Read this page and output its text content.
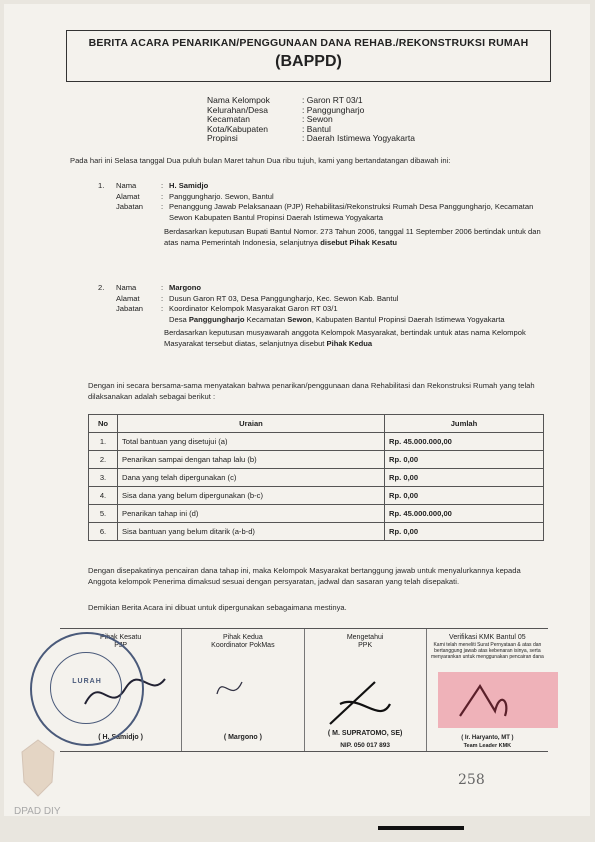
BERITA ACARA PENARIKAN/PENGGUNAAN DANA REHAB./REKONSTRUKSI RUMAH
(BAPPD)
Nama Kelompok	: Garon RT 03/1
Kelurahan/Desa	: Panggungharjo
Kecamatan	: Sewon
Kota/Kabupaten	: Bantul
Propinsi	: Daerah Istimewa Yogyakarta
Pada hari ini Selasa tanggal Dua puluh bulan Maret tahun Dua ribu tujuh, kami yang bertandatangan dibawah ini:
1.	Nama	: H. Samidjo
Alamat	: Panggungharjo. Sewon, Bantul
Jabatan	: Penanggung Jawab Pelaksanaan (PJP) Rehabilitasi/Rekonstruksi Rumah Desa Panggungharjo, Kecamatan Sewon Kabupaten Bantul Propinsi Daerah Istimewa Yogyakarta
Berdasarkan keputusan Bupati Bantul Nomor. 273 Tahun 2006, tanggal 11 September 2006 bertindak untuk dan atas nama Pemerintah Indonesia, selanjutnya disebut Pihak Kesatu
2.	Nama	: Margono
Alamat	: Dusun Garon RT 03, Desa Panggungharjo, Kec. Sewon Kab. Bantul
Jabatan	: Koordinator Kelompok Masyarakat Garon RT 03/1
Desa Panggungharjo Kecamatan Sewon, Kabupaten Bantul Propinsi Daerah Istimewa Yogyakarta
Berdasarkan keputusan musyawarah anggota Kelompok Masyarakat, bertindak untuk atas nama Kelompok Masyarakat tersebut diatas, selanjutnya disebut Pihak Kedua
Dengan ini secara bersama-sama menyatakan bahwa penarikan/penggunaan dana Rehabilitasi dan Rekonstruksi Rumah yang telah dilaksanakan adalah sebagai berikut :
No	Uraian	Jumlah
1.	Total bantuan yang disetujui (a)	Rp. 45.000.000,00
2.	Penarikan sampai dengan tahap lalu (b)	Rp. 0,00
3.	Dana yang telah dipergunakan (c)	Rp. 0,00
4.	Sisa dana yang belum dipergunakan (b-c)	Rp. 0,00
5.	Penarikan tahap ini (d)	Rp. 45.000.000,00
6.	Sisa bantuan yang belum ditarik (a-b-d)	Rp. 0,00
Dengan disepakatinya pencairan dana tahap ini, maka Kelompok Masyarakat bertanggung jawab untuk menyalurkannya kepada Anggota kelompok Penerima dimaksud sesuai dengan persyaratan, jadwal dan sasaran yang telah disepakati.
Demikian Berita Acara ini dibuat untuk dipergunakan sebagaimana mestinya.
Pihak Kesatu
PJP
( H. Samidjo )
Pihak Kedua
Koordinator PokMas
( Margono )
Mengetahui
PPK
( M. SUPRATOMO, SE)
NIP. 050 017 893
Verifikasi KMK Bantul 05
Kami telah meneliti Surat Pernyataan & atas dan bertanggung jawab atas kebenaran isinya, serta menyarankan untuk menggunakan pencairan dana
( Ir. Haryanto, MT )
Team Leader KMK
LURAH
258
DPAD DIY
